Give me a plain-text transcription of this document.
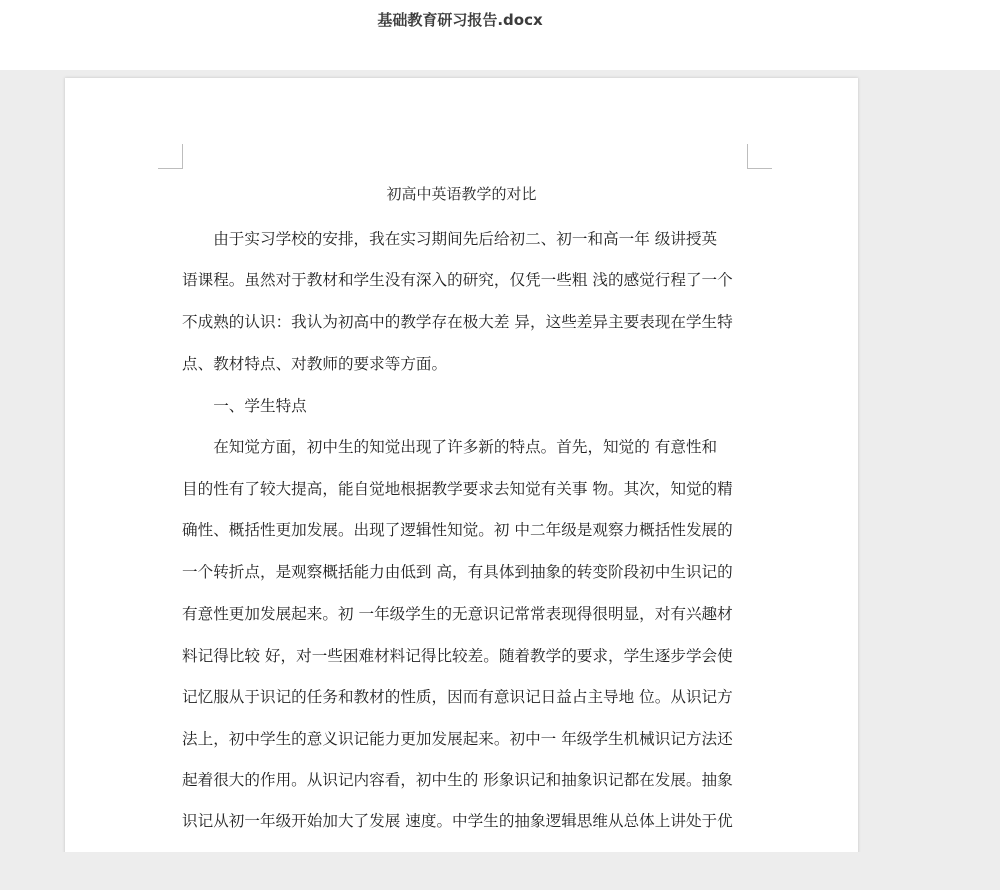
基础教育研习报告.docx
初高中英语教学的对比
　　由于实习学校的安排，我在实习期间先后给初二、初一和高一年 级讲授英
语课程。虽然对于教材和学生没有深入的研究，仅凭一些粗 浅的感觉行程了一个
不成熟的认识：我认为初高中的教学存在极大差 异，这些差异主要表现在学生特
点、教材特点、对教师的要求等方面。
　　一、学生特点
　　在知觉方面，初中生的知觉出现了许多新的特点。首先，知觉的 有意性和
目的性有了较大提高，能自觉地根据教学要求去知觉有关事 物。其次，知觉的精
确性、概括性更加发展。出现了逻辑性知觉。初 中二年级是观察力概括性发展的
一个转折点，是观察概括能力由低到 高，有具体到抽象的转变阶段初中生识记的
有意性更加发展起来。初 一年级学生的无意识记常常表现得很明显，对有兴趣材
料记得比较 好，对一些困难材料记得比较差。随着教学的要求，学生逐步学会使
记忆服从于识记的任务和教材的性质，因而有意识记日益占主导地 位。从识记方
法上，初中学生的意义识记能力更加发展起来。初中一 年级学生机械识记方法还
起着很大的作用。从识记内容看，初中生的 形象识记和抽象识记都在发展。抽象
识记从初一年级开始加大了发展 速度。中学生的抽象逻辑思维从总体上讲处于优
